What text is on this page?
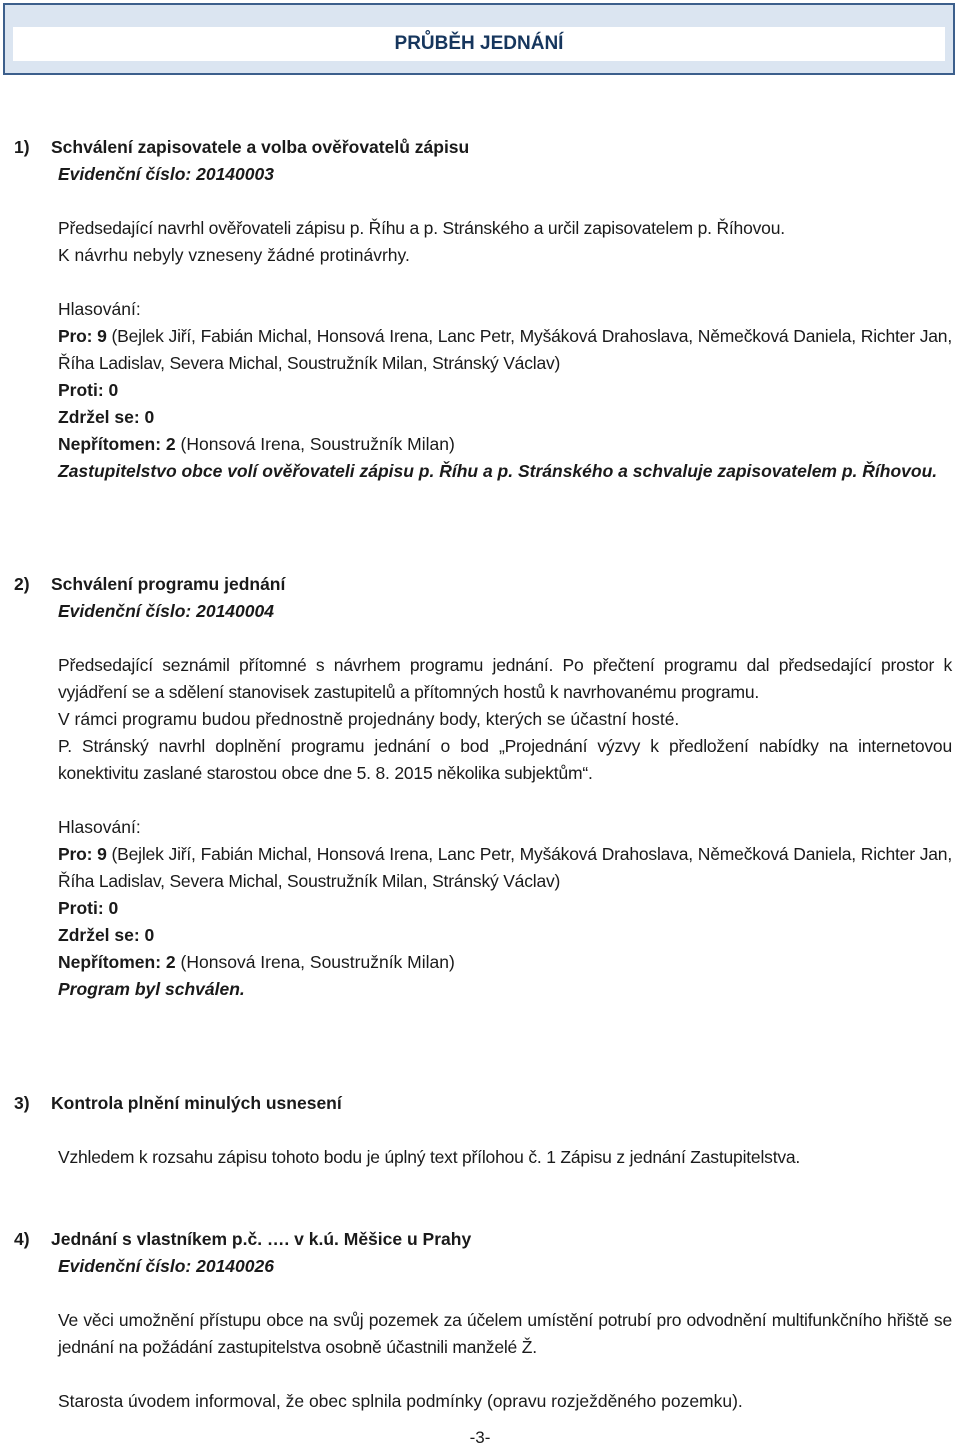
PRŮBĚH JEDNÁNÍ
1) Schválení zapisovatele a volba ověřovatelů zápisu
Evidenční číslo: 20140003
Předsedající navrhl ověřovateli zápisu p. Říhu a p. Stránského a určil zapisovatelem p. Říhovou.
K návrhu nebyly vzneseny žádné protinávrhy.
Hlasování:
Pro: 9 (Bejlek Jiří, Fabián Michal, Honsová Irena, Lanc Petr, Myšáková Drahoslava, Němečková Daniela, Richter Jan, Říha Ladislav, Severa Michal, Soustružník Milan, Stránský Václav)
Proti: 0
Zdržel se: 0
Nepřítomen: 2 (Honsová Irena, Soustružník Milan)
Zastupitelstvo obce volí ověřovateli zápisu p. Říhu a p. Stránského a schvaluje zapisovatelem p. Říhovou.
2) Schválení programu jednání
Evidenční číslo: 20140004
Předsedající seznámil přítomné s návrhem programu jednání. Po přečtení programu dal předsedající prostor k vyjádření se a sdělení stanovisek zastupitelů a přítomných hostů k navrhovanému programu.
V rámci programu budou přednostně projednány body, kterých se účastní hosté.
P. Stránský navrhl doplnění programu jednání o bod „Projednání výzvy k předložení nabídky na internetovou konektivitu zaslané starostou obce dne 5. 8. 2015 několika subjektům“.
Hlasování:
Pro: 9 (Bejlek Jiří, Fabián Michal, Honsová Irena, Lanc Petr, Myšáková Drahoslava, Němečková Daniela, Richter Jan, Říha Ladislav, Severa Michal, Soustružník Milan, Stránský Václav)
Proti: 0
Zdržel se: 0
Nepřítomen: 2 (Honsová Irena, Soustružník Milan)
Program byl schválen.
3) Kontrola plnění minulých usnesení
Vzhledem k rozsahu zápisu tohoto bodu je úplný text přílohou č. 1 Zápisu z jednání Zastupitelstva.
4) Jednání s vlastníkem p.č. …. v k.ú. Měšice u Prahy
Evidenční číslo: 20140026
Ve věci umožnění přístupu obce na svůj pozemek za účelem umístění potrubí pro odvodnění multifunkčního hřiště se jednání na požádání zastupitelstva osobně účastnili manželé Ž.
Starosta úvodem informoval, že obec splnila podmínky (opravu rozježděného pozemku).
-3-
